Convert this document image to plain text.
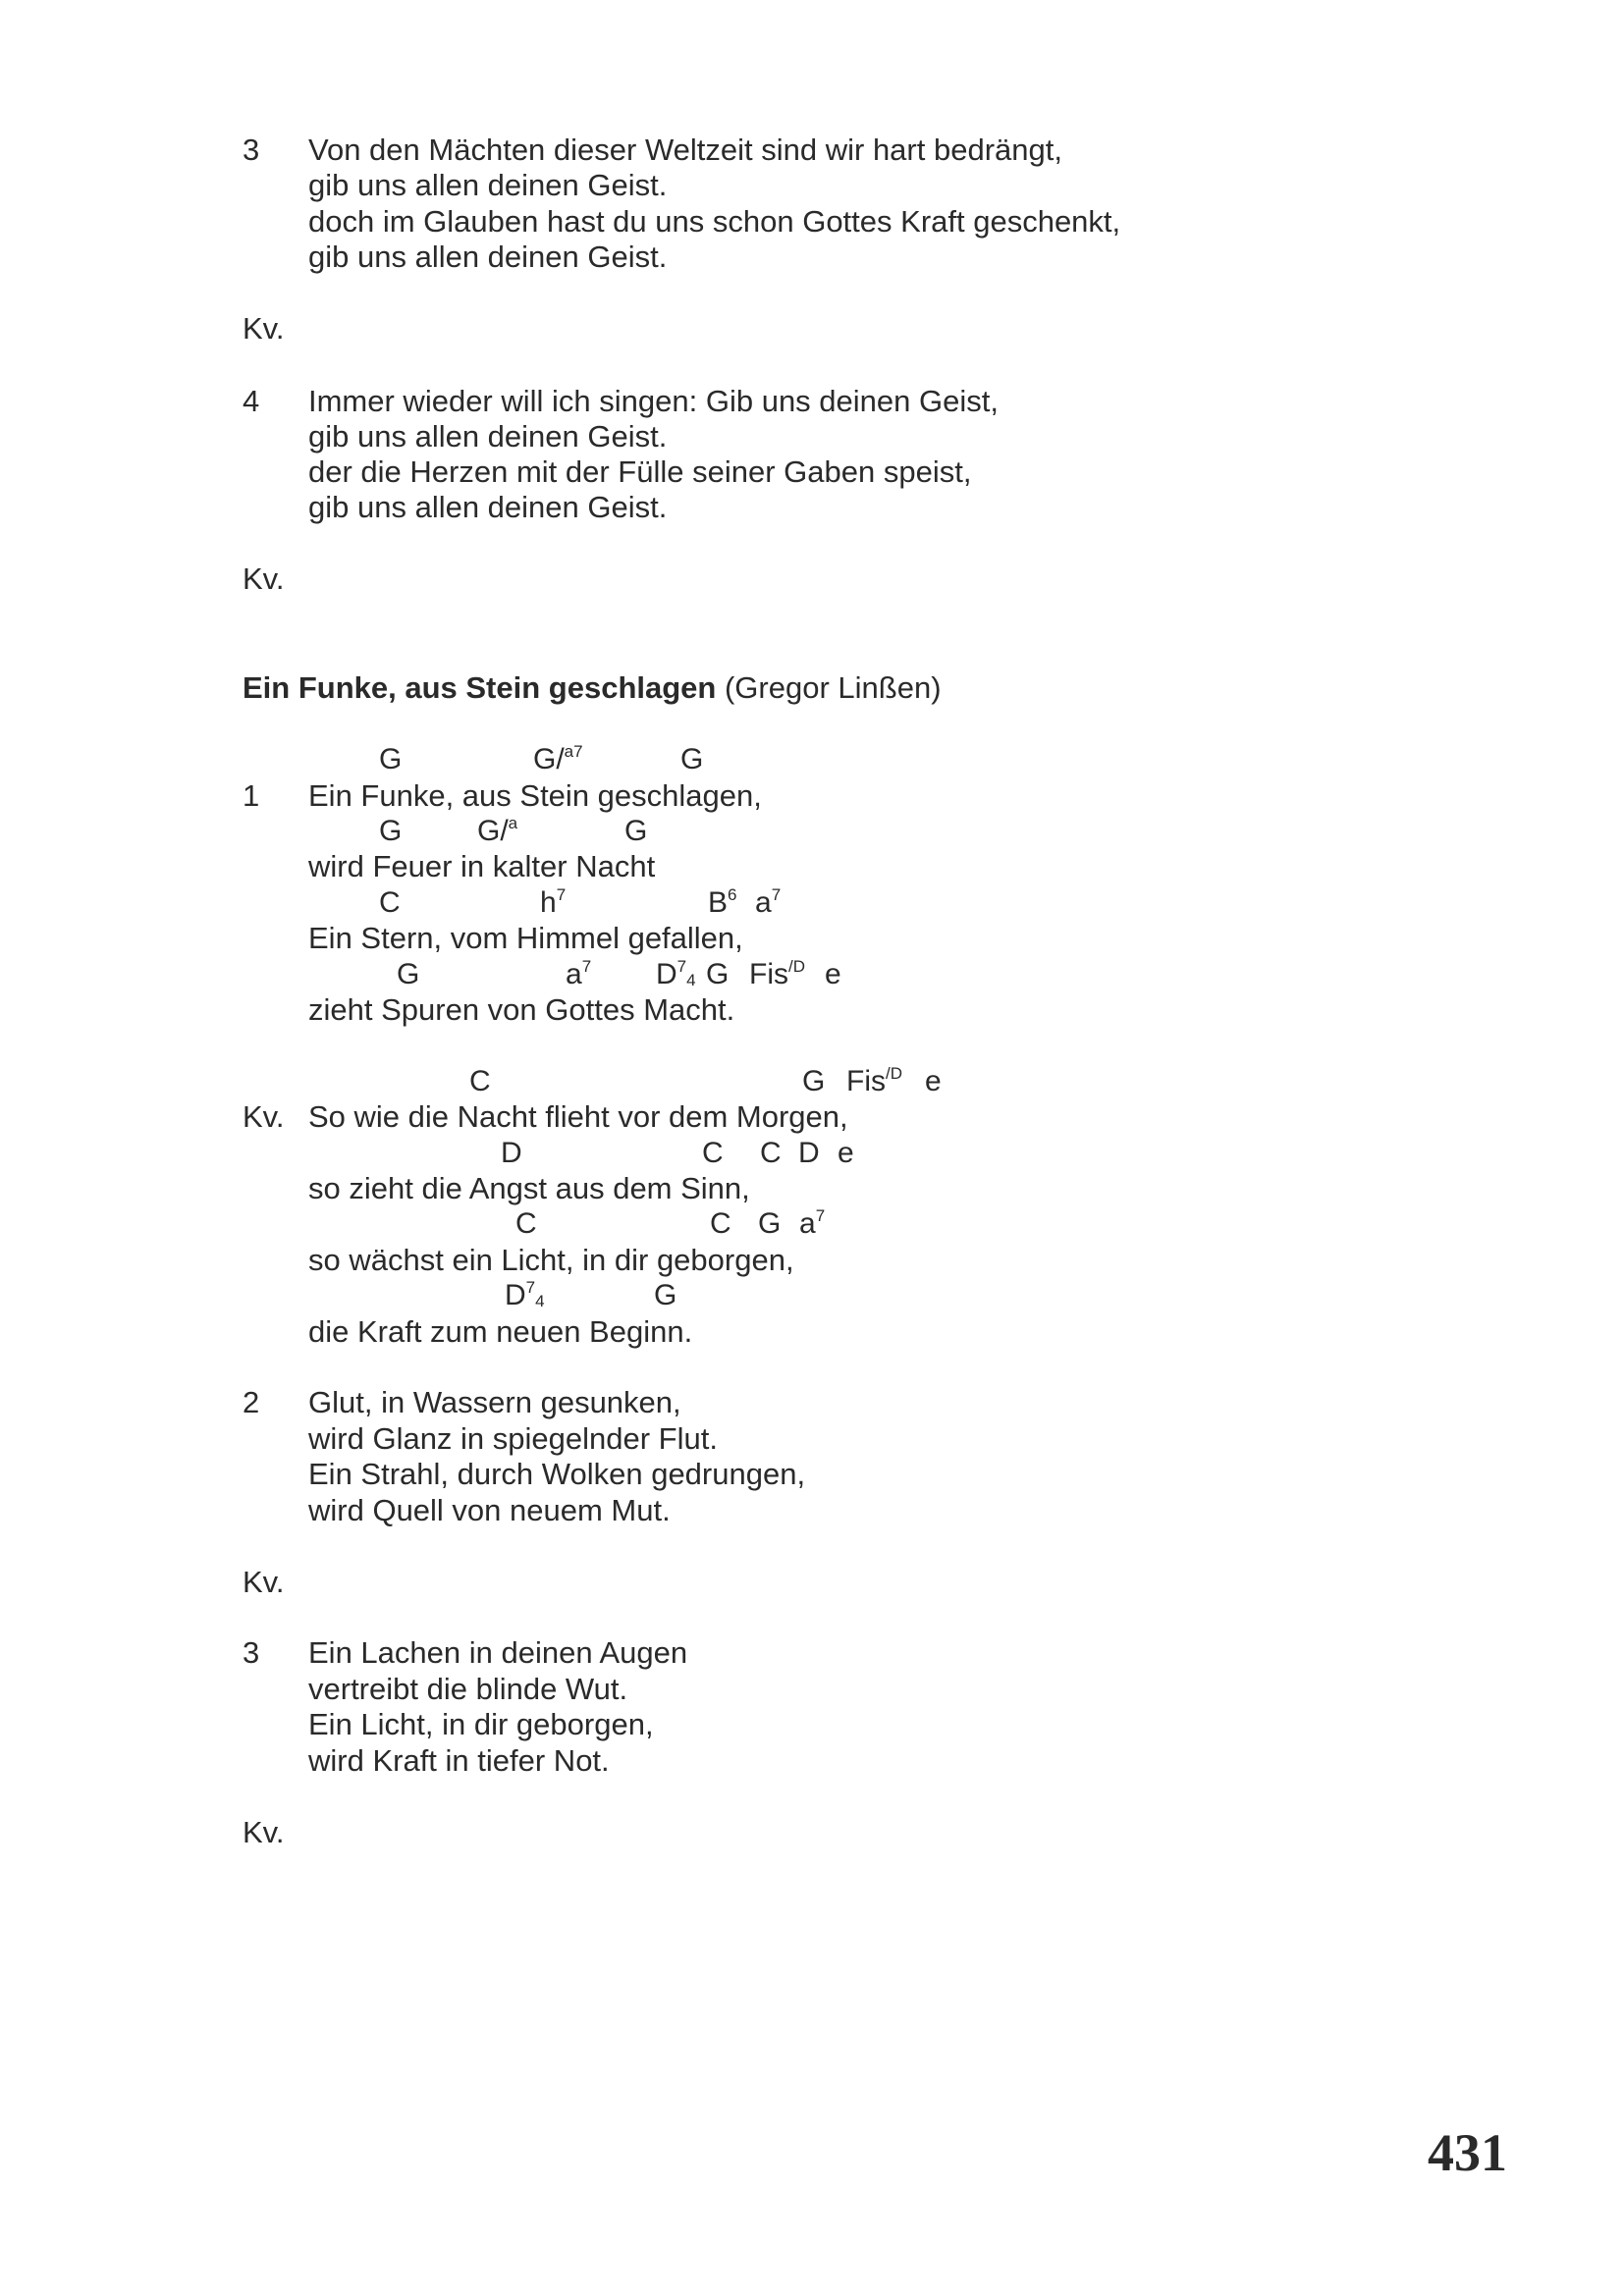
3 Von den Mächten dieser Weltzeit sind wir hart bedrängt,

gib uns allen deinen Geist.

doch im Glauben hast du uns schon Gottes Kraft geschenkt,

gib uns allen deinen Geist.

Kv.
4 Immer wieder will ich singen: Gib uns deinen Geist,

gib uns allen deinen Geist.

der die Herzen mit der Fülle seiner Gaben speist,

gib uns allen deinen Geist.

Kv.

Ein Funke, aus Stein geschlagen (Gregor Linßen)

G	G/$^{a7}$	G
1 Ein Funke, aus Stein geschlagen,

G	G/$^a$	G

wird Feuer in kalter Nacht

C	$h^7$	$B^6$ $a^7$

Ein Stern, vom Himmel gefallen,

G	$a^7$ $D^7_4$ G Fis$^{/D}$ e

zieht Spuren von Gottes Macht.

C	G Fis$^{/D}$ e
Kv. So wie die Nacht flieht vor dem Morgen,

D	C C D e

so zieht die Angst aus dem Sinn,

C	C G $a^7$

so wächst ein Licht, in dir geborgen,

$D^7_4$	G

die Kraft zum neuen Beginn.

2 Glut, in Wassern gesunken,

wird Glanz in spiegelnder Flut.

Ein Strahl, durch Wolken gedrungen,

wird Quell von neuem Mut.

Kv.
3 Ein Lachen in deinen Augen

vertreibt die blinde Wut.

Ein Licht, in dir geborgen,

wird Kraft in tiefer Not.

Kv.
431
